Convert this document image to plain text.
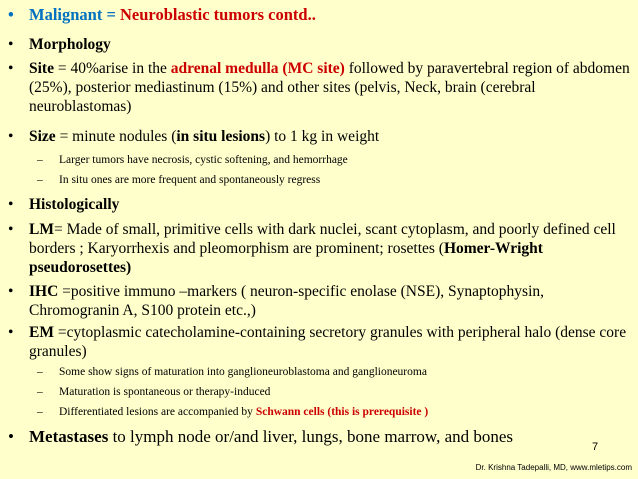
• Malignant = Neuroblastic tumors contd..
• Morphology
• Site = 40%arise in the adrenal medulla (MC site) followed by paravertebral region of abdomen (25%), posterior mediastinum (15%) and other sites (pelvis, Neck, brain (cerebral neuroblastomas)
• Size = minute nodules (in situ lesions) to 1 kg in weight
– Larger tumors have necrosis, cystic softening, and hemorrhage
– In situ ones are more frequent and spontaneously regress
• Histologically
• LM= Made of small, primitive cells with dark nuclei, scant cytoplasm, and poorly defined cell borders ; Karyorrhexis and pleomorphism are prominent; rosettes (Homer-Wright pseudorosettes)
• IHC =positive immuno –markers ( neuron-specific enolase (NSE), Synaptophysin, Chromogranin A, S100 protein etc.,)
• EM =cytoplasmic catecholamine-containing secretory granules with peripheral halo (dense core granules)
– Some show signs of maturation into ganglioneuroblastoma and ganglioneuroma
– Maturation is spontaneous or therapy-induced
– Differentiated lesions are accompanied by Schwann cells (this is prerequisite )
• Metastases to lymph node or/and liver, lungs, bone marrow, and bones
7
Dr. Krishna Tadepalli, MD, www.mletips.com
